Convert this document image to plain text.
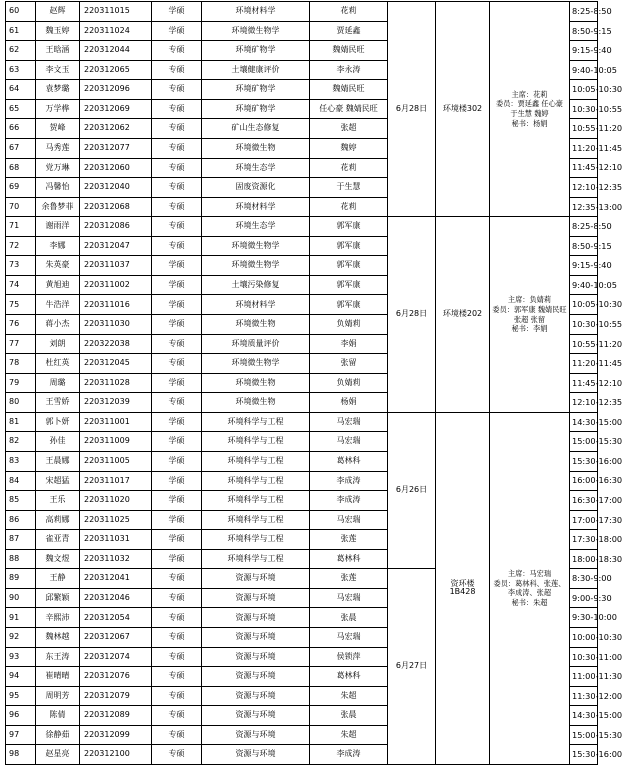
60	赵辉	220311015	学硕	环境材料学	花莉	6月28日	环境楼302	主席：花莉
委员：贾延鑫 任心豪
于生慧 魏婷
秘书：杨娟	8:25-8:50	
61	魏玉婷	220311024	学硕	环境微生物学	贾延鑫				8:50-9:15	
62	王晗涵	220312044	专硕	环境矿物学	魏婧民旺				9:15-9:40	
63	李文玉	220312065	专硕	土壤健康评价	李永涛				9:40-10:05	
64	袁梦璐	220312096	专硕	环境矿物学	魏婧民旺				10:05-10:30	
65	万学桦	220312069	专硕	环境矿物学	任心豪 魏婧民旺				10:30-10:55	
66	贺峰	220312062	专硕	矿山生态修复	张超				10:55-11:20	
67	马秀莲	220312077	专硕	环境微生物	魏婷				11:20-11:45	
68	党万琳	220312060	专硕	环境生态学	花莉				11:45-12:10	
69	冯馨怡	220312040	专硕	固废资源化	于生慧				12:10-12:35	
70	余鲁梦菲	220312068	专硕	环境材料学	花莉				12:35-13:00	
71	谢雨洋	220312086	专硕	环境生态学	郭军康	6月28日	环境楼202	主席：负婧莉
委员：郭军康 魏婧民旺
张超 张留
秘书：李娟	8:25-8:50	
72	李娜	220312047	专硕	环境微生物学	郭军康				8:50-9:15	
73	朱英豪	220311037	学硕	环境微生物学	郭军康				9:15-9:40	
74	黄旭迪	220311002	学硕	土壤污染修复	郭军康				9:40-10:05	
75	牛浩洋	220311016	学硕	环境材料学	郭军康				10:05-10:30	
76	蒋小杰	220311030	学硕	环境微生物	负婧莉				10:30-10:55	
77	刘朗	220322038	专硕	环境质量评价	李娟				10:55-11:20	
78	杜红英	220312045	专硕	环境微生物学	张留				11:20-11:45	
79	周璐	220311028	学硕	环境微生物	负婧莉				11:45-12:10	
80	王雪娇	220312039	专硕	环境微生物	杨娟				12:10-12:35	
81	郭卜妍	220311001	学硕	环境科学与工程	马宏瑞	6月26日	资环楼 1B428	主席：马宏瑞
委员：葛林科、张莲、
李成涛、张超
秘书：朱超	14:30-15:00	
82	孙佳	220311009	学硕	环境科学与工程	马宏瑞				15:00-15:30	
83	王晨娜	220311005	学硕	环境科学与工程	葛林科				15:30-16:00	
84	宋超猛	220311017	学硕	环境科学与工程	李成涛				16:00-16:30	
85	王乐	220311020	学硕	环境科学与工程	李成涛				16:30-17:00	
86	高莉娜	220311025	学硕	环境科学与工程	马宏瑞				17:00-17:30	
87	雀亚青	220311031	学硕	环境科学与工程	张莲				17:30-18:00	
88	魏文煜	220311032	学硕	环境科学与工程	葛林科				18:00-18:30	
89	王静	220312041	专硕	资源与环境	张莲	6月27日			8:30-9:00	
90	邱繁颖	220312046	专硕	资源与环境	马宏瑞				9:00-9:30	
91	辛熙沛	220312054	专硕	资源与环境	张晨				9:30-10:00	
92	魏林越	220312067	专硕	资源与环境	马宏瑞				10:00-10:30	
93	东王涛	220312074	专硕	资源与环境	侯锁萍				10:30-11:00	
94	崔晴晴	220312076	专硕	资源与环境	葛林科				11:00-11:30	
95	周明芳	220312079	专硕	资源与环境	朱超				11:30-12:00	
96	陈倩	220312089	专硕	资源与环境	张晨				14:30-15:00	
97	徐静茹	220312099	专硕	资源与环境	朱超				15:00-15:30	
98	赵星亮	220312100	专硕	资源与环境	李成涛				15:30-16:00	
